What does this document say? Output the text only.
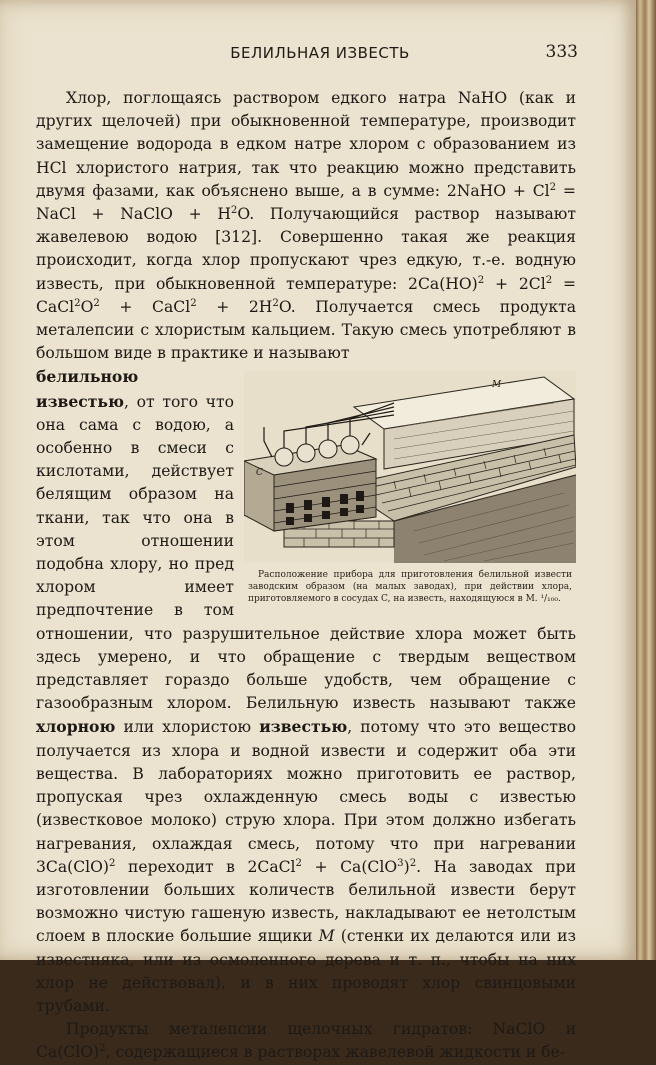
БЕЛИЛЬНАЯ ИЗВЕСТЬ	333

Хлор, поглощаясь раствором едкого натра NaHO (как и других щелочей) при обыкновенной температуре, производит замещение водорода в едком натре хлором с образованием из HCl хлористого натрия, так что реакцию можно представить двумя фазами, как объяснено выше, а в сумме: 2NaHO + $Cl^2$ = NaCl + NaClO + $H^2O$. Получающийся раствор называют жавелевою водою [312]. Совершенно такая же реакция происходит, когда хлор пропускают чрез едкую, т.-е. водную известь, при обыкновенной температуре: $2Ca(HO)^2 + 2Cl^2$ = $CaCl^2O^2$ + CaCl$^2$ + $2H^2O$. Получается смесь продукта металепсии с хлористым кальцием. Такую смесь употребляют в большом виде в практике и называют

M
C
Расположение прибора для приготовления белильной извести заводским образом (на малых заводах), при действии хлора, приготовляемого в сосудах C, на известь, находящуюся в M. ¹/₁₀₀.
белильною известью, от того что она сама с водою, а особенно в смеси с кислотами, действует белящим образом на ткани, так что она в этом отношении подобна хлору, но пред хлором имеет предпочтение в том отношении, что разрушительное действие хлора может быть здесь умерено, и что обращение с твердым веществом представляет гораздо больше удобств, чем обращение с газообразным хлором. Белильную известь называют также хлорною или хлористою известью, потому что это вещество получается из хлора и водной извести и содержит оба эти вещества. В лабораториях можно приготовить ее раствор, пропуская чрез охлажденную смесь воды с известью (известковое молоко) струю хлора. При этом должно избегать нагревания, охлаждая смесь, потому что при нагревании 3Ca(ClO)$^2$ переходит в 2CaCl$^2$ + $Ca(ClO^3)^2$. На заводах при изготовлении больших количеств белильной извести берут возможно чистую гашеную известь, накладывают ее нетолстым слоем в плоские большие ящики M (стенки их делаются или из известняка, или из осмоленного дерева и т. п., чтобы на них хлор не действовал), и в них проводят хлор свинцовыми трубами.

Продукты металепсии щелочных гидратов: NaClO и Ca(ClO)$^2$, содержащиеся в растворах жавелевой жидкости и бе-
